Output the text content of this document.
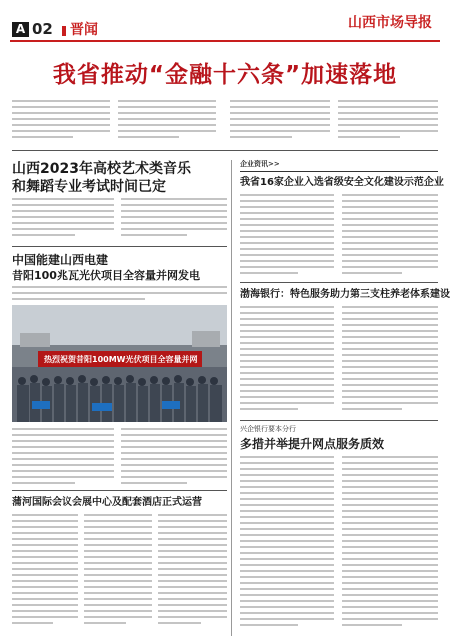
A 02 晋闻	山西市场导报
我省推动“金融十六条”加速落地
山西2023年高校艺术类音乐
和舞蹈专业考试时间已定
中国能建山西电建
昔阳100兆瓦光伏项目全容量并网发电
热烈祝贺昔阳100MW光伏项目全容量并网
蒲河国际会议会展中心及配套酒店正式运营
企业资讯>>
我省16家企业入选省级安全文化建设示范企业
渤海银行：特色服务助力第三支柱养老体系建设
兴企银行要本分行
多措并举提升网点服务质效
